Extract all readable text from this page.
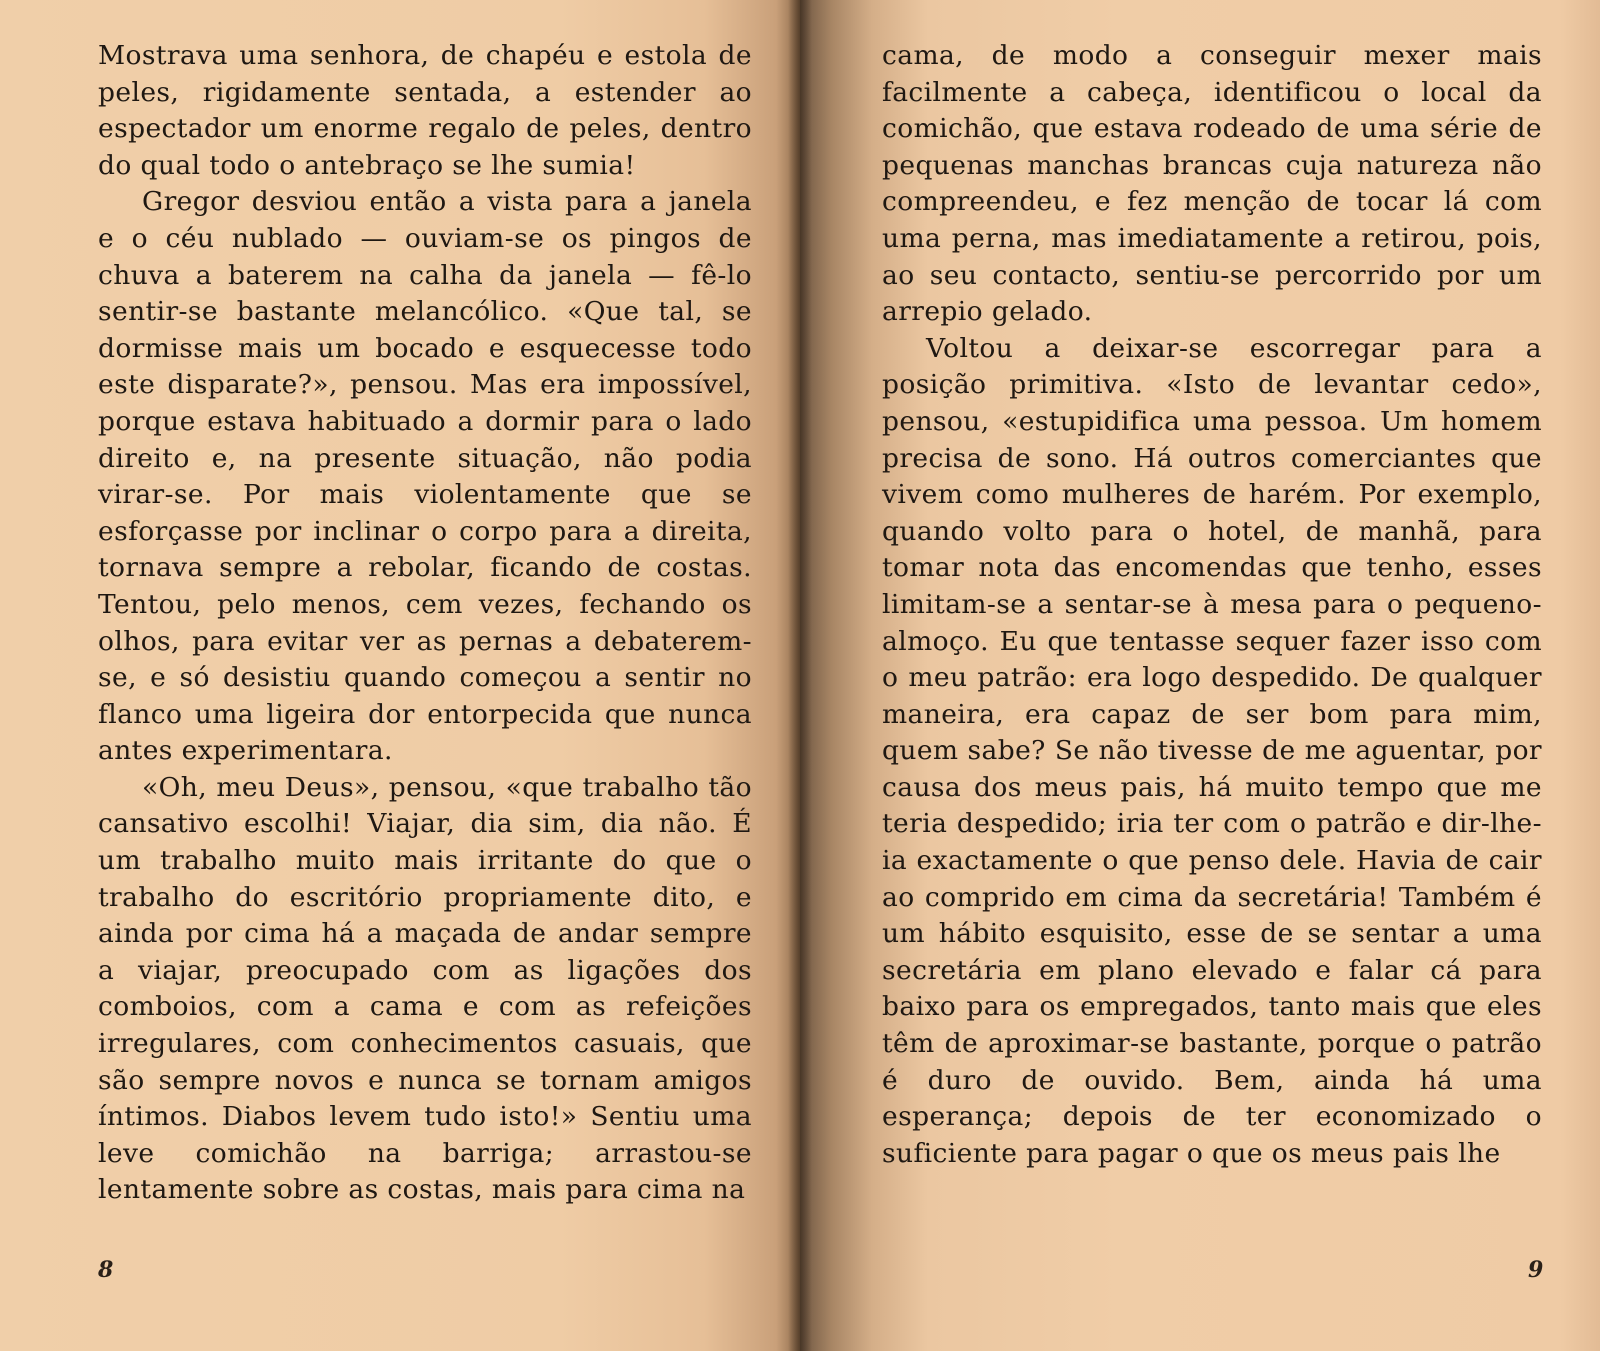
Mostrava uma senhora, de chapéu e estola de peles, rigidamente sentada, a estender ao espectador um enorme regalo de peles, dentro do qual todo o antebraço se lhe sumia!

Gregor desviou então a vista para a janela e o céu nublado — ouviam-se os pingos de chuva a baterem na calha da janela — fê-lo sentir-se bastante melancólico. «Que tal, se dormisse mais um bocado e esquecesse todo este disparate?», pensou. Mas era impossível, porque estava habituado a dormir para o lado direito e, na presente situação, não podia virar-se. Por mais violentamente que se esforçasse por inclinar o corpo para a direita, tornava sempre a rebolar, ficando de costas. Tentou, pelo menos, cem vezes, fechando os olhos, para evitar ver as pernas a debaterem-se, e só desistiu quando começou a sentir no flanco uma ligeira dor entorpecida que nunca antes experimentara.

«Oh, meu Deus», pensou, «que trabalho tão cansativo escolhi! Viajar, dia sim, dia não. É um trabalho muito mais irritante do que o trabalho do escritório propriamente dito, e ainda por cima há a maçada de andar sempre a viajar, preocupado com as ligações dos comboios, com a cama e com as refeições irregulares, com conhecimentos casuais, que são sempre novos e nunca se tornam amigos íntimos. Diabos levem tudo isto!» Sentiu uma leve comichão na barriga; arrastou-se lentamente sobre as costas, mais para cima na

8

cama, de modo a conseguir mexer mais facilmente a cabeça, identificou o local da comichão, que estava rodeado de uma série de pequenas manchas brancas cuja natureza não compreendeu, e fez menção de tocar lá com uma perna, mas imediatamente a retirou, pois, ao seu contacto, sentiu-se percorrido por um arrepio gelado.

Voltou a deixar-se escorregar para a posição primitiva. «Isto de levantar cedo», pensou, «estupidifica uma pessoa. Um homem precisa de sono. Há outros comerciantes que vivem como mulheres de harém. Por exemplo, quando volto para o hotel, de manhã, para tomar nota das encomendas que tenho, esses limitam-se a sentar-se à mesa para o pequeno-almoço. Eu que tentasse sequer fazer isso com o meu patrão: era logo despedido. De qualquer maneira, era capaz de ser bom para mim, quem sabe? Se não tivesse de me aguentar, por causa dos meus pais, há muito tempo que me teria despedido; iria ter com o patrão e dir-lhe-ia exactamente o que penso dele. Havia de cair ao comprido em cima da secretária! Também é um hábito esquisito, esse de se sentar a uma secretária em plano elevado e falar cá para baixo para os empregados, tanto mais que eles têm de aproximar-se bastante, porque o patrão é duro de ouvido. Bem, ainda há uma esperança; depois de ter economizado o suficiente para pagar o que os meus pais lhe

9
